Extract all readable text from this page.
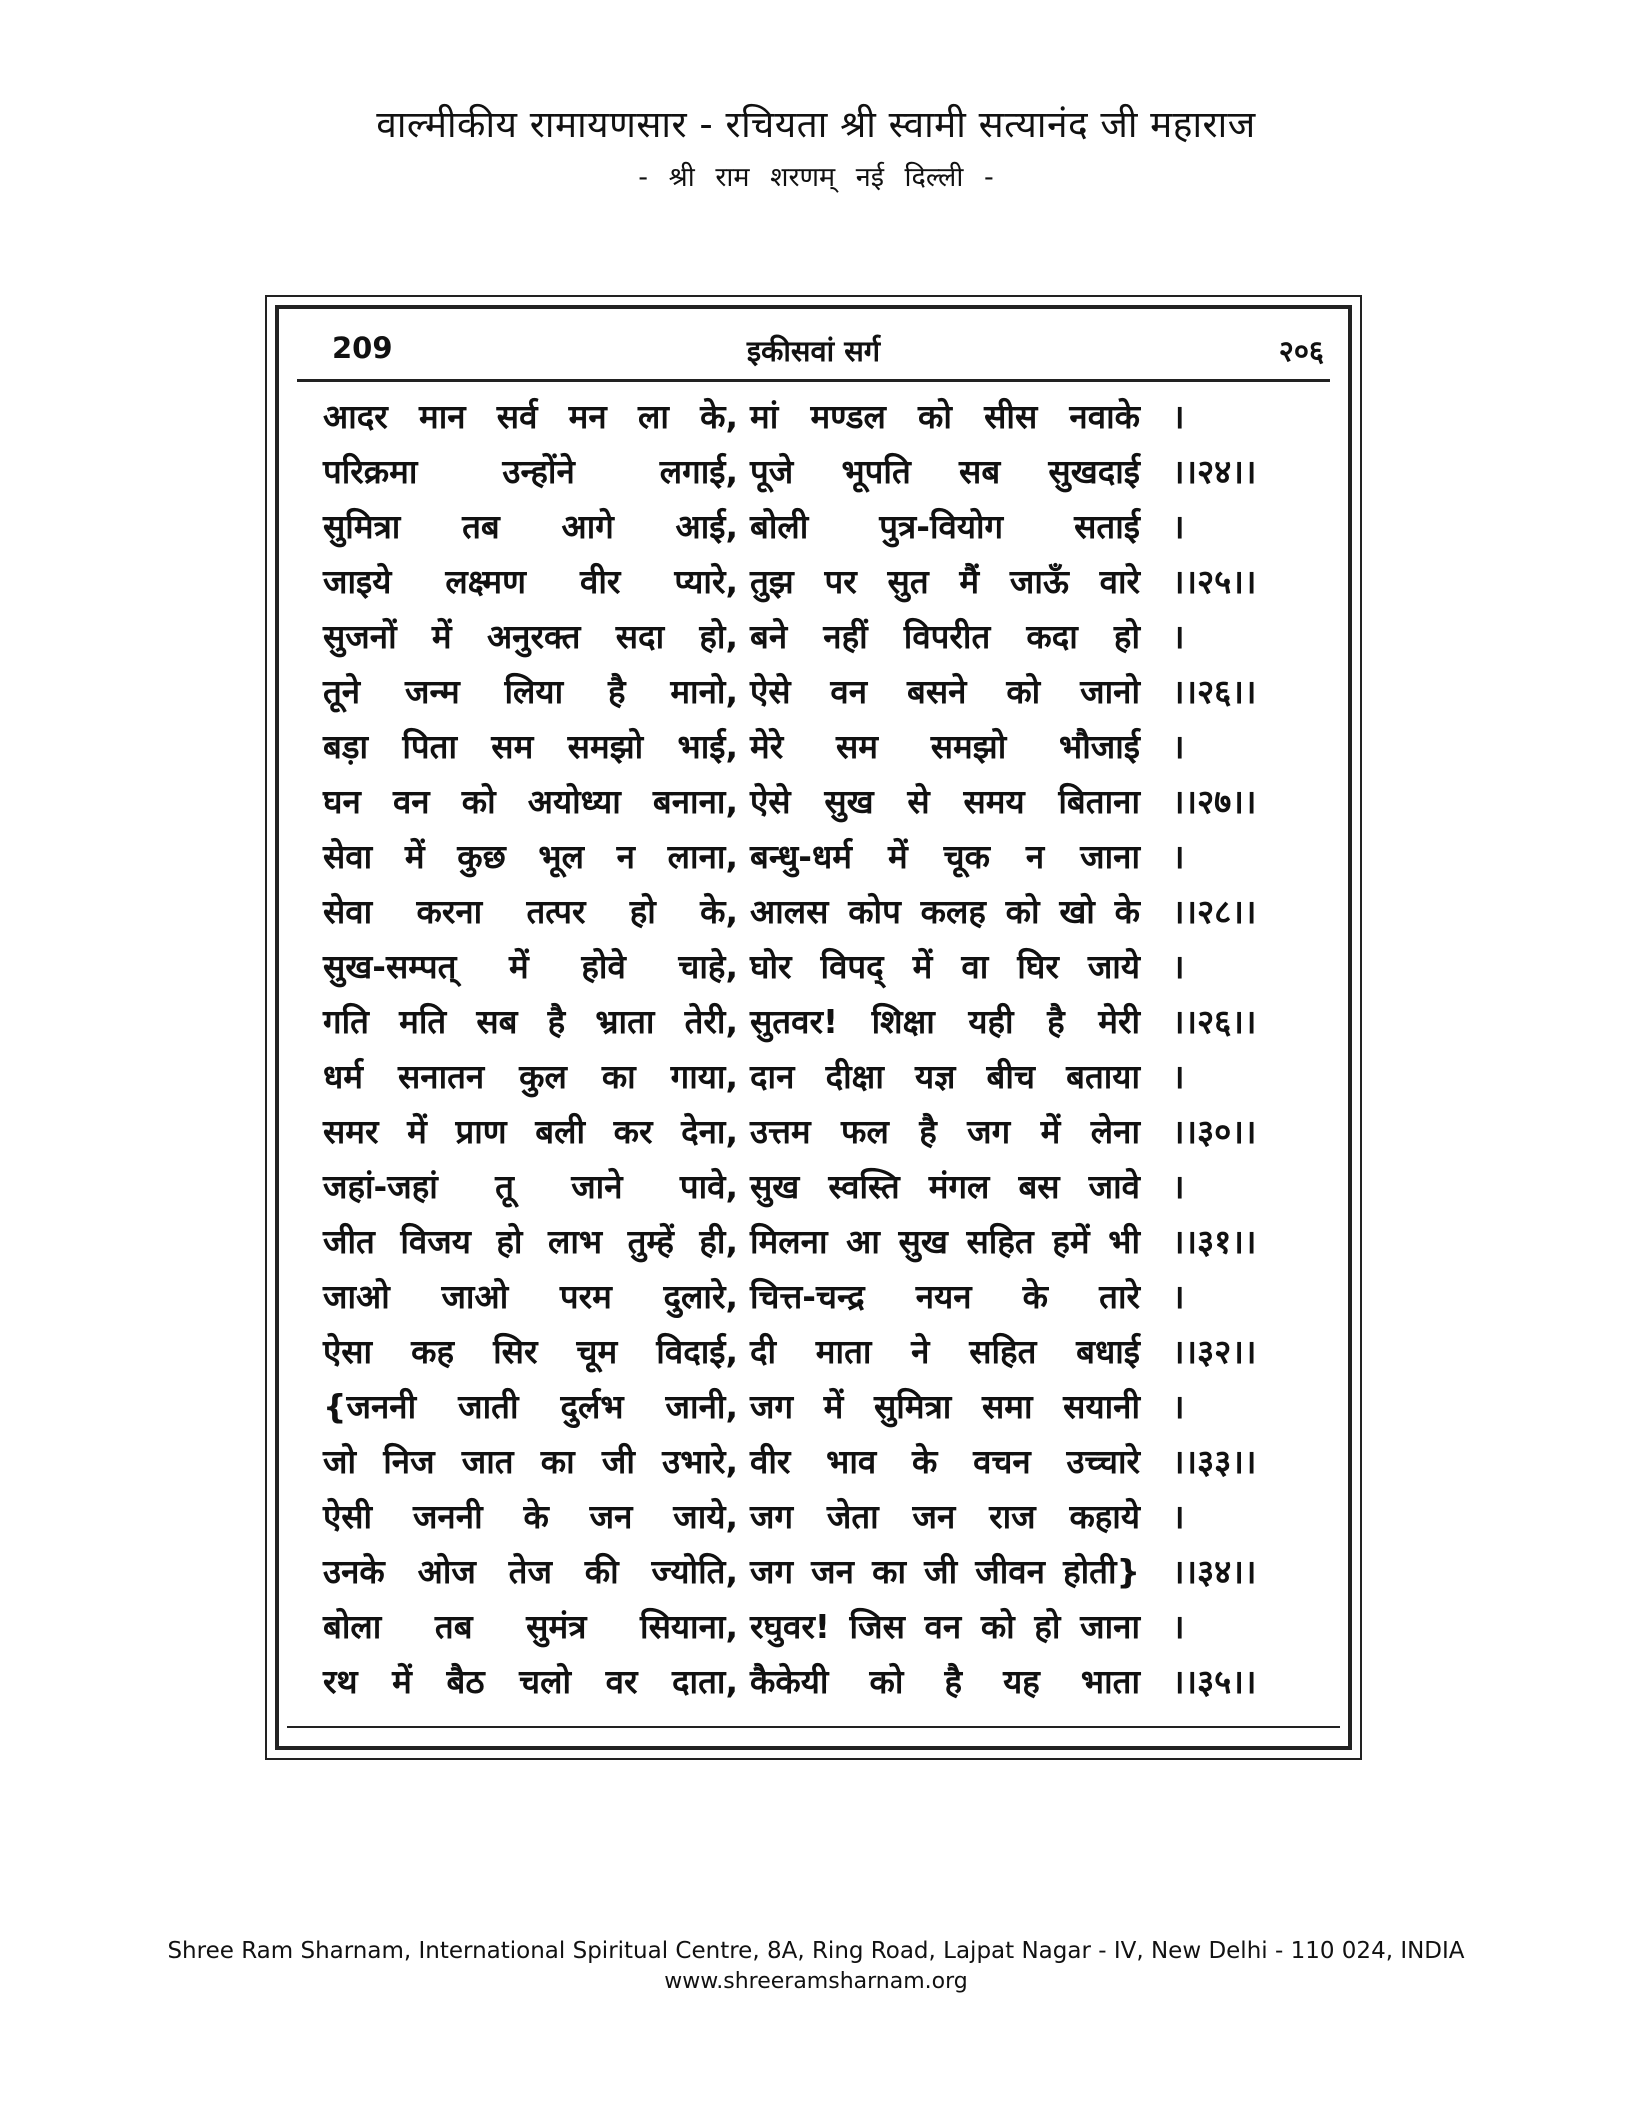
वाल्मीकीय रामायणसार - रचियता श्री स्वामी सत्यानंद जी महाराज
- श्री राम शरणम् नई दिल्ली -
209	इकीसवां सर्ग	२०६
आदर मान सर्व मन ला के, मां मण्डल को सीस नवाके ।
परिक्रमा उन्होंने लगाई, पूजे भूपति सब सुखदाई ।।२४।।
सुमित्रा तब आगे आई, बोली पुत्र-वियोग सताई ।
जाइये लक्ष्मण वीर प्यारे, तुझ पर सुत मैं जाऊँ वारे ।।२५।।
सुजनों में अनुरक्त सदा हो, बने नहीं विपरीत कदा हो ।
तूने जन्म लिया है मानो, ऐसे वन बसने को जानो ।।२६।।
बड़ा पिता सम समझो भाई, मेरे सम समझो भौजाई ।
घन वन को अयोध्या बनाना, ऐसे सुख से समय बिताना ।।२७।।
सेवा में कुछ भूल न लाना, बन्धु-धर्म में चूक न जाना ।
सेवा करना तत्पर हो के, आलस कोप कलह को खो के ।।२८।।
सुख-सम्पत् में होवे चाहे, घोर विपद् में वा घिर जाये ।
गति मति सब है भ्राता तेरी, सुतवर! शिक्षा यही है मेरी ।।२६।।
धर्म सनातन कुल का गाया, दान दीक्षा यज्ञ बीच बताया ।
समर में प्राण बली कर देना, उत्तम फल है जग में लेना ।।३०।।
जहां-जहां तू जाने पावे, सुख स्वस्ति मंगल बस जावे ।
जीत विजय हो लाभ तुम्हें ही, मिलना आ सुख सहित हमें भी ।।३१।।
जाओ जाओ परम दुलारे, चित्त-चन्द्र नयन के तारे ।
ऐसा कह सिर चूम विदाई, दी माता ने सहित बधाई ।।३२।।
{जननी जाती दुर्लभ जानी, जग में सुमित्रा समा सयानी ।
जो निज जात का जी उभारे, वीर भाव के वचन उच्चारे ।।३३।।
ऐसी जननी के जन जाये, जग जेता जन राज कहाये ।
उनके ओज तेज की ज्योति, जग जन का जी जीवन होती} ।।३४।।
बोला तब सुमंत्र सियाना, रघुवर! जिस वन को हो जाना ।
रथ में बैठ चलो वर दाता, कैकेयी को है यह भाता ।।३५।।
Shree Ram Sharnam, International Spiritual Centre, 8A, Ring Road, Lajpat Nagar - IV, New Delhi - 110 024, INDIA
www.shreeramsharnam.org
